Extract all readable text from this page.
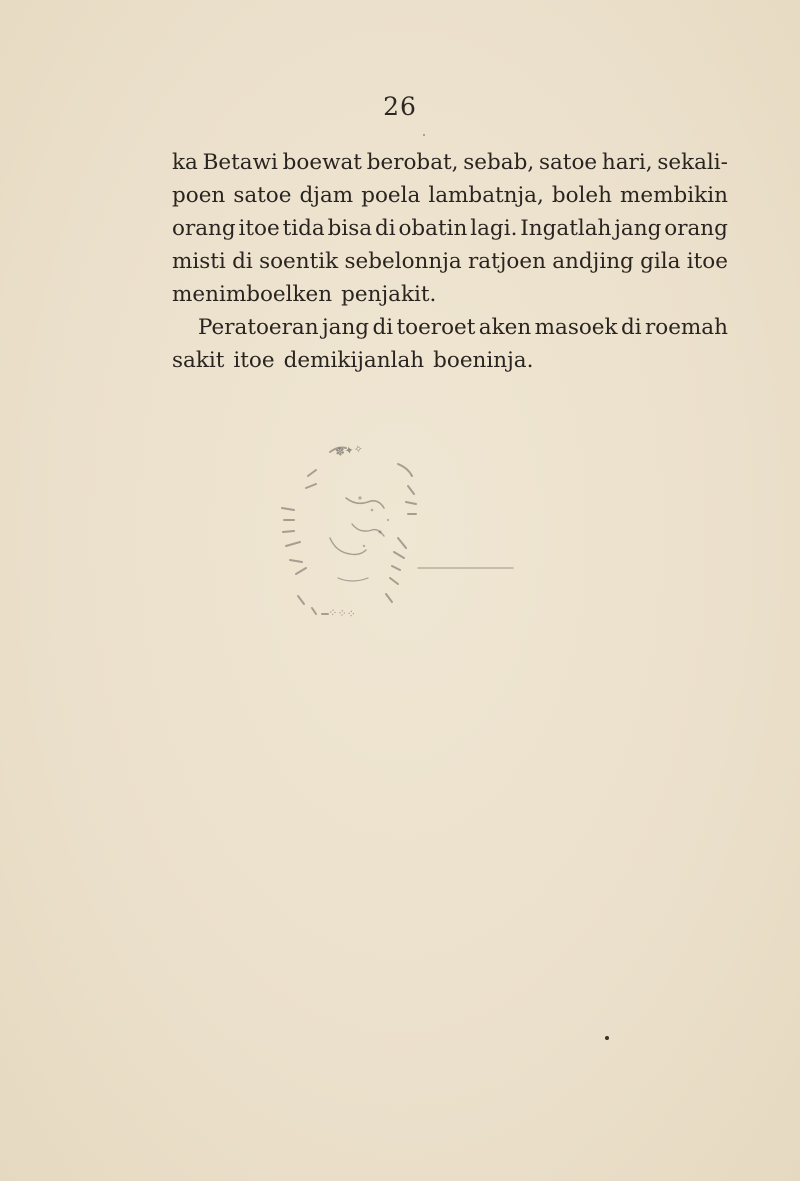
26
ka Betawi boewat berobat, sebab, satoe hari, sekali-
poen satoe djam poela lambatnja, boleh membikin
orang itoe tida bisa di obatin lagi. Ingatlah jang orang
misti di soentik sebelonnja ratjoen andjing gila itoe
menimboelken penjakit.
Peratoeran jang di toeroet aken masoek di roemah
sakit itoe demikijanlah boeninja.
✽✦✧
⁘⁘⁘
